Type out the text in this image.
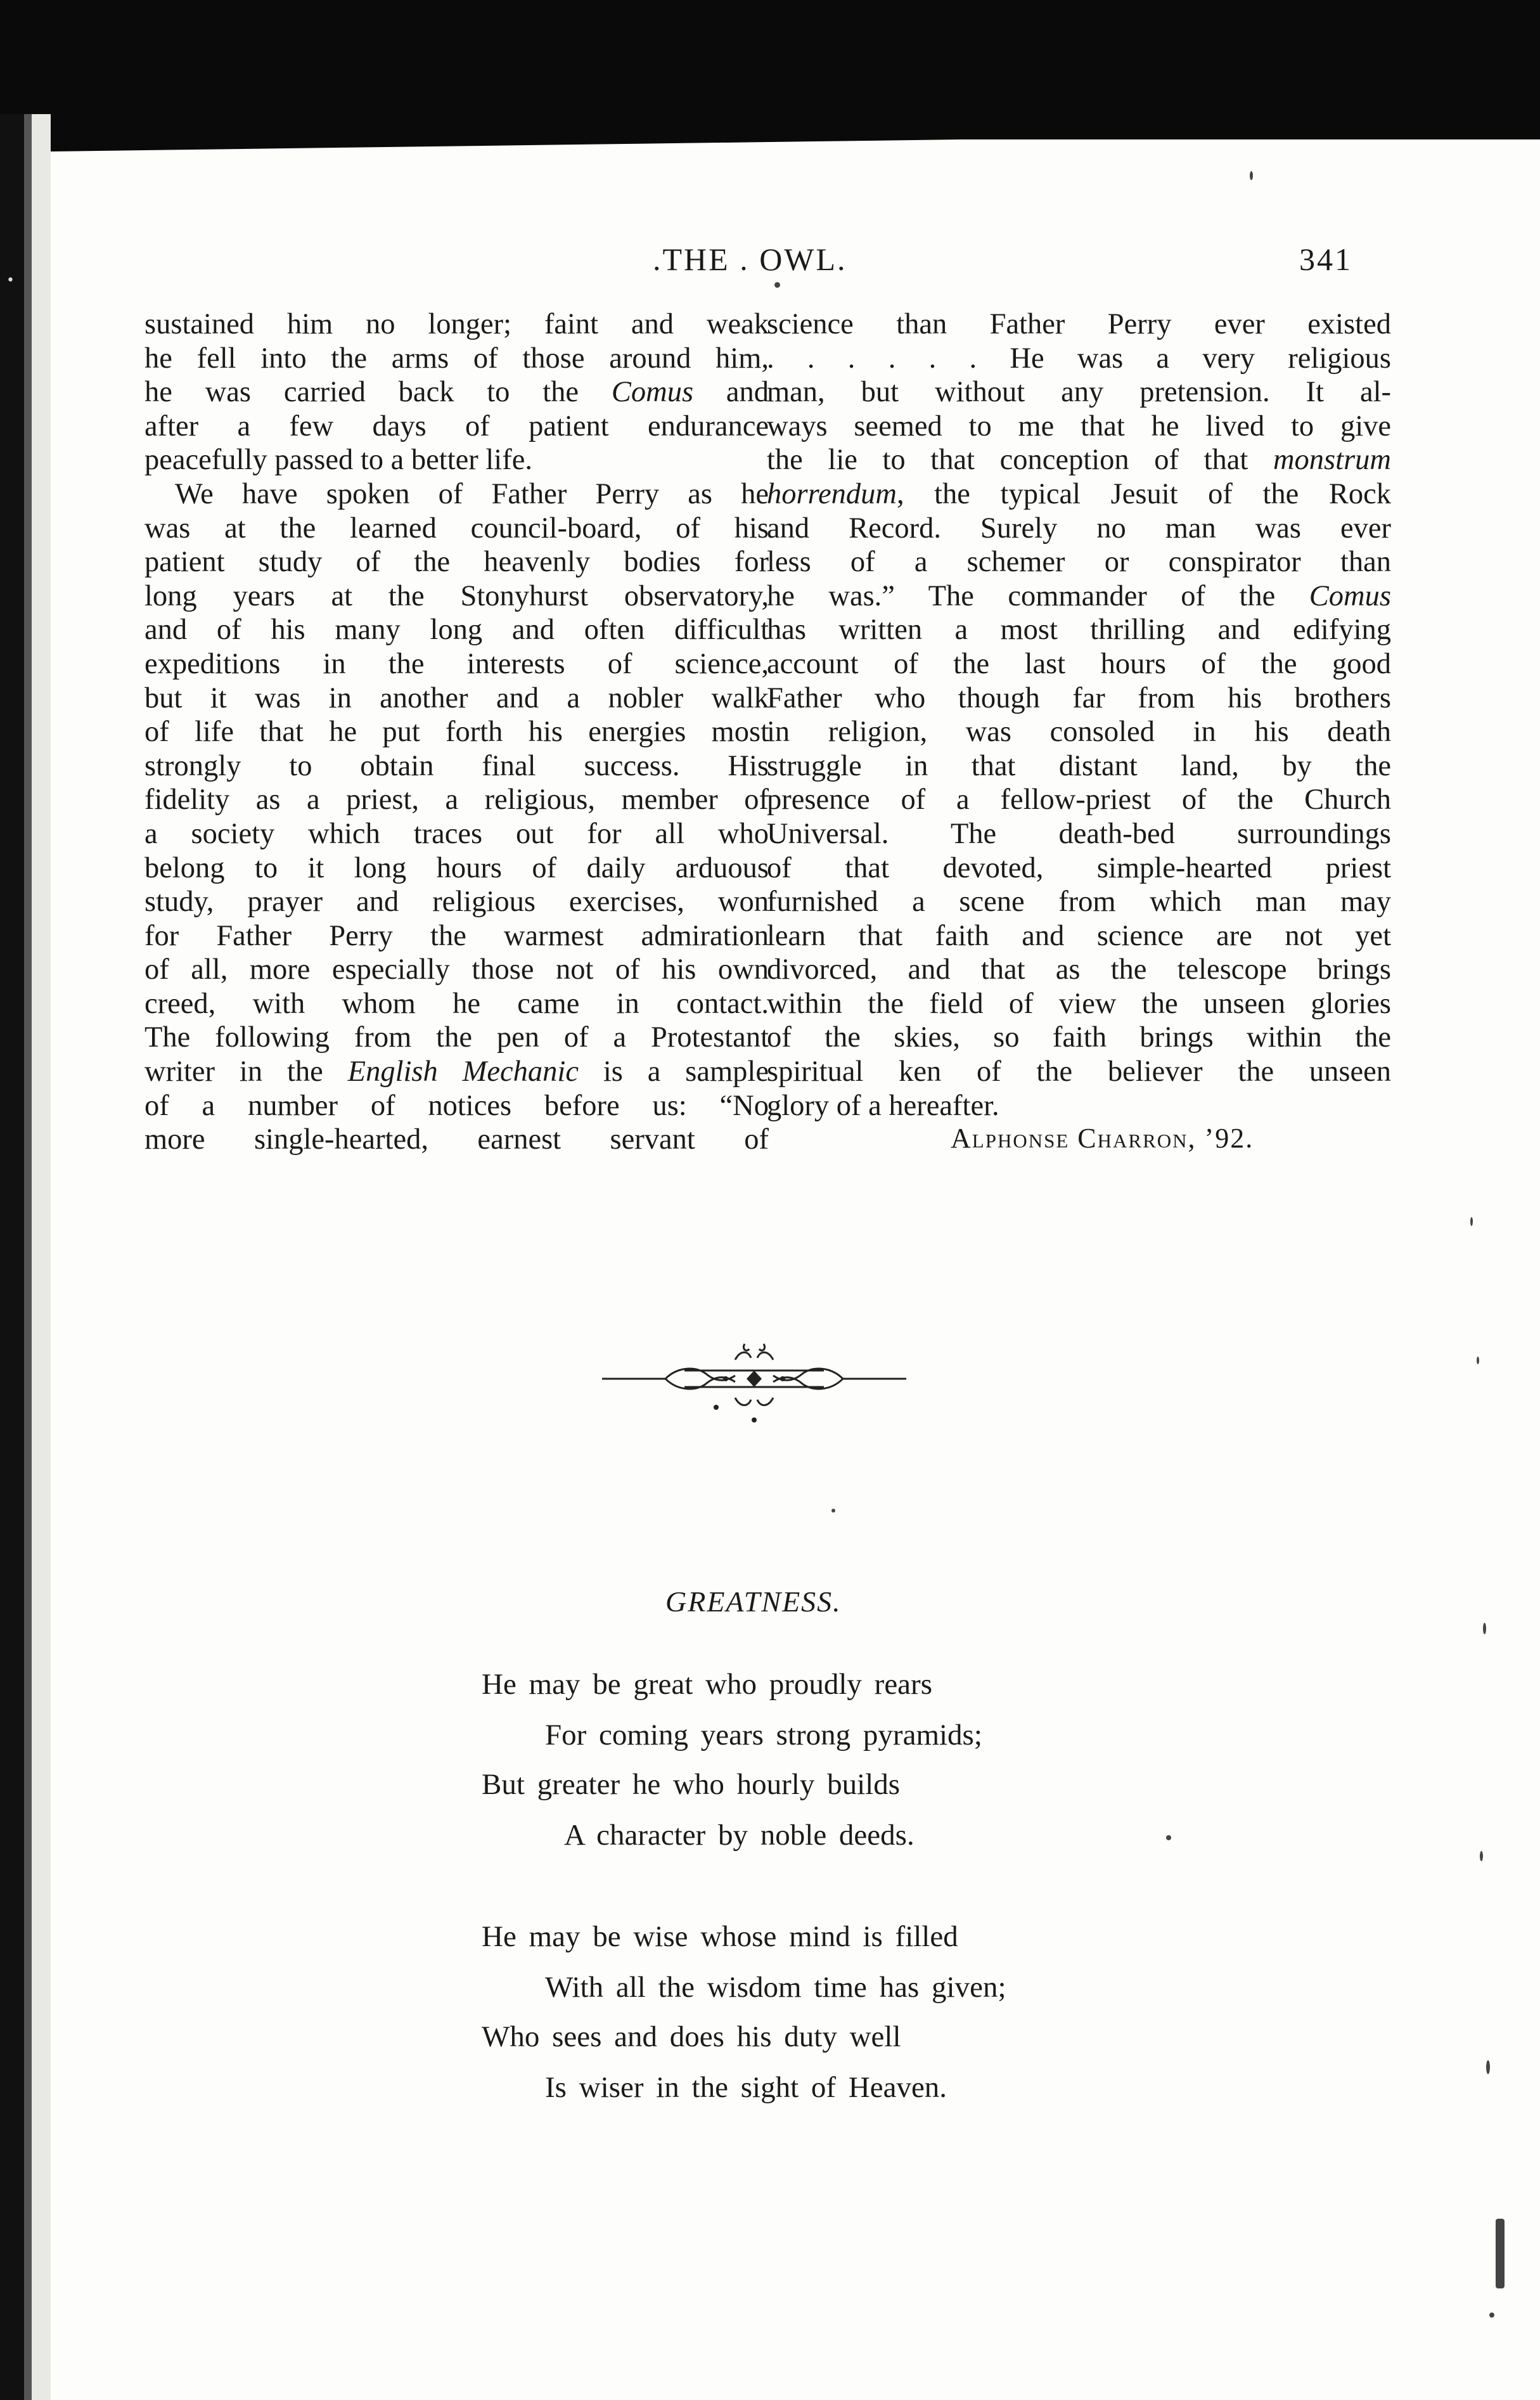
•
.THE . OWL.	341
sustained him no longer; faint and weak
he fell into the arms of those around him,
he was carried back to the Comus and
after a few days of patient endurance
peacefully passed to a better life.
We have spoken of Father Perry as he
was at the learned council-board, of his
patient study of the heavenly bodies for
long years at the Stonyhurst observatory,
and of his many long and often difficult
expeditions in the interests of science,
but it was in another and a nobler walk
of life that he put forth his energies most
strongly to obtain final success. His
fidelity as a priest, a religious, member of
a society which traces out for all who
belong to it long hours of daily arduous
study, prayer and religious exercises, won
for Father Perry the warmest admiration
of all, more especially those not of his own
creed, with whom he came in contact.
The following from the pen of a Protestant
writer in the English Mechanic is a sample
of a number of notices before us: “No
more single-hearted, earnest servant of
science than Father Perry ever existed
. . . . . . He was a very religious
man, but without any pretension. It al-
ways seemed to me that he lived to give
the lie to that conception of that monstrum
horrendum, the typical Jesuit of the Rock
and Record. Surely no man was ever
less of a schemer or conspirator than
he was.” The commander of the Comus
has written a most thrilling and edifying
account of the last hours of the good
Father who though far from his brothers
in religion, was consoled in his death
struggle in that distant land, by the
presence of a fellow-priest of the Church
Universal. The death-bed surroundings
of that devoted, simple-hearted priest
furnished a scene from which man may
learn that faith and science are not yet
divorced, and that as the telescope brings
within the field of view the unseen glories
of the skies, so faith brings within the
spiritual ken of the believer the unseen
glory of a hereafter.
Alphonse Charron, ’92.
GREATNESS.
He may be great who proudly rears
For coming years strong pyramids;
But greater he who hourly builds
A character by noble deeds.
He may be wise whose mind is filled
With all the wisdom time has given;
Who sees and does his duty well
Is wiser in the sight of Heaven.
